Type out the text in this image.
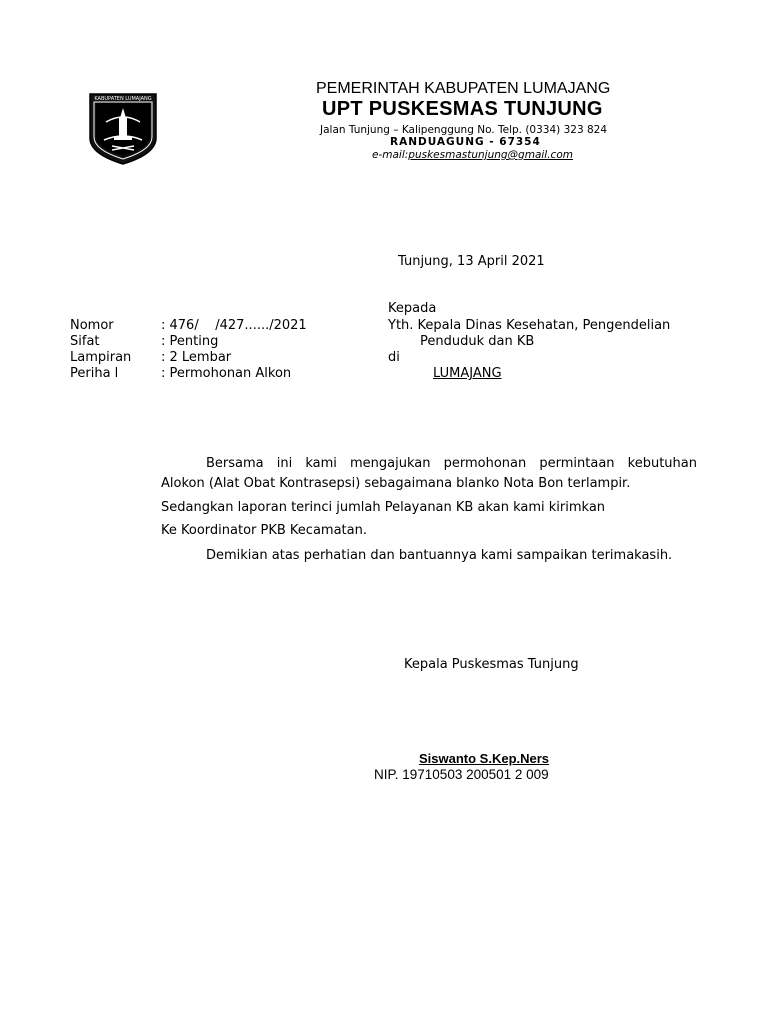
KABUPATEN LUMAJANG
PEMERINTAH KABUPATEN LUMAJANG
UPT PUSKESMAS TUNJUNG
Jalan Tunjung – Kalipenggung No. Telp. (0334) 323 824
RANDUAGUNG - 67354
e-mail:puskesmastunjung@gmail.com
Tunjung, 13 April 2021
Kepada
Yth. Kepala Dinas Kesehatan, Pengendelian
Penduduk dan KB
di
LUMAJANG
Nomor	: 476/    /427....../2021
Sifat	: Penting
Lampiran : 2 Lembar
Periha l	: Permohonan Alkon
Bersama ini kami mengajukan permohonan permintaan kebutuhan
Alokon (Alat Obat Kontrasepsi) sebagaimana blanko Nota Bon terlampir.
Sedangkan laporan terinci jumlah Pelayanan KB akan kami kirimkan
Ke Koordinator PKB Kecamatan.
Demikian atas perhatian dan bantuannya kami sampaikan terimakasih.
Kepala Puskesmas Tunjung
Siswanto S.Kep.Ners
NIP. 19710503 200501 2 009
